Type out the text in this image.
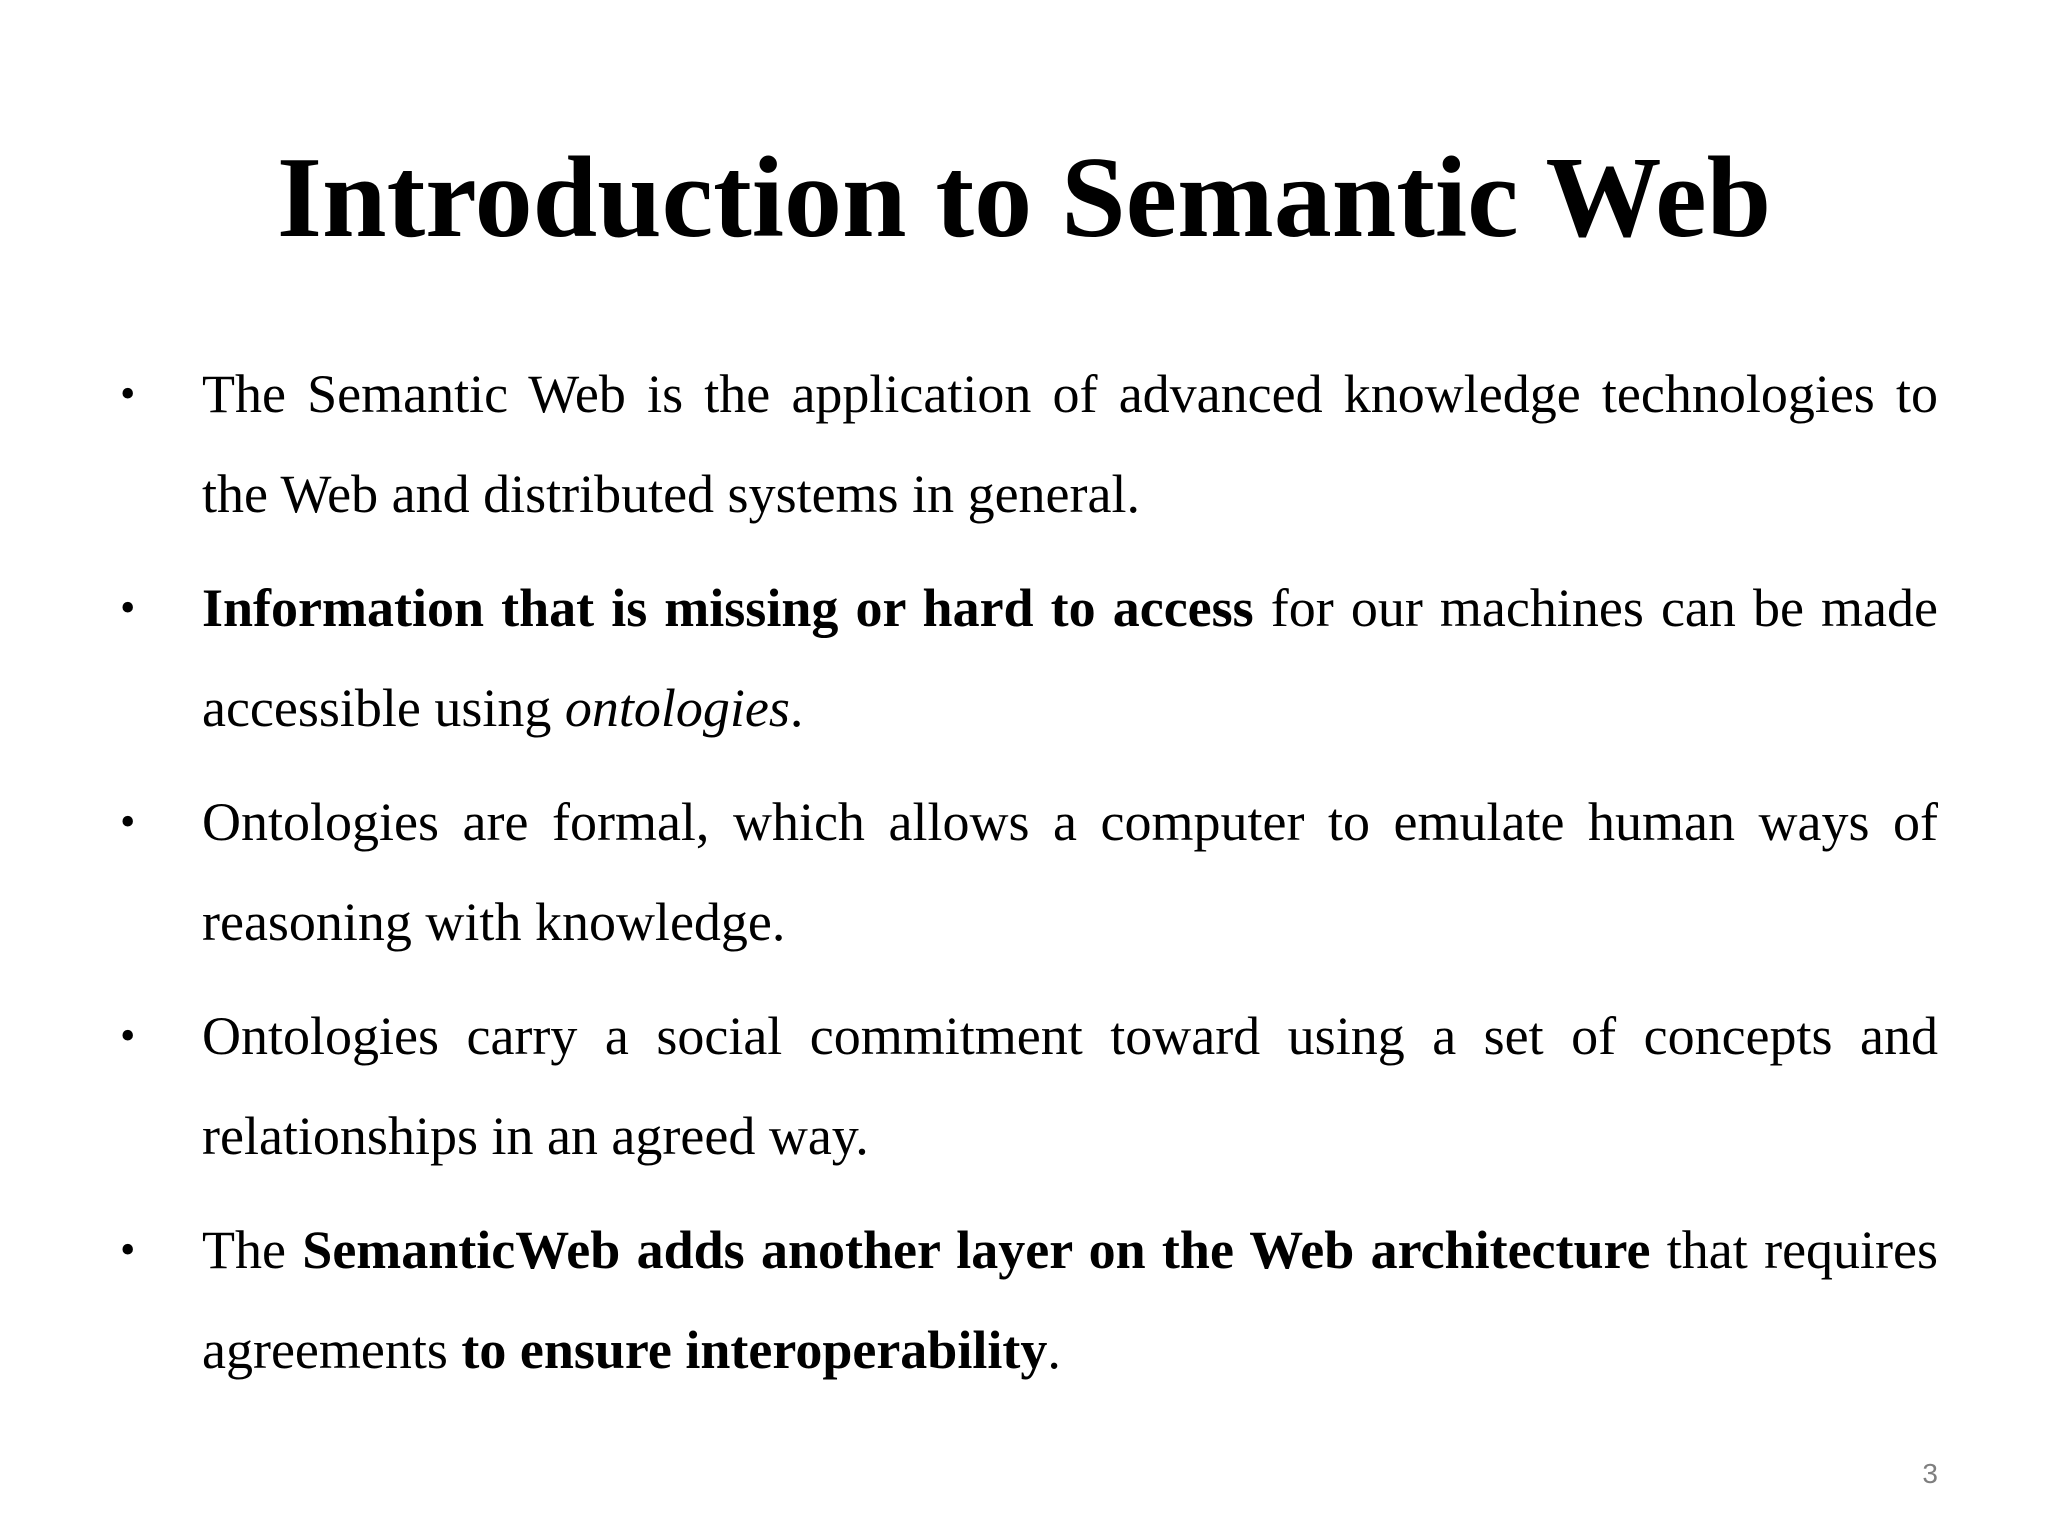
Introduction to Semantic Web
•	The Semantic Web is the application of advanced knowledge technologies to the Web and distributed systems in general.
•	Information that is missing or hard to access for our machines can be made accessible using ontologies.
•	Ontologies are formal, which allows a computer to emulate human ways of reasoning with knowledge.
•	Ontologies carry a social commitment toward using a set of concepts and relationships in an agreed way.
•	The SemanticWeb adds another layer on the Web architecture that requires agreements to ensure interoperability.
3
